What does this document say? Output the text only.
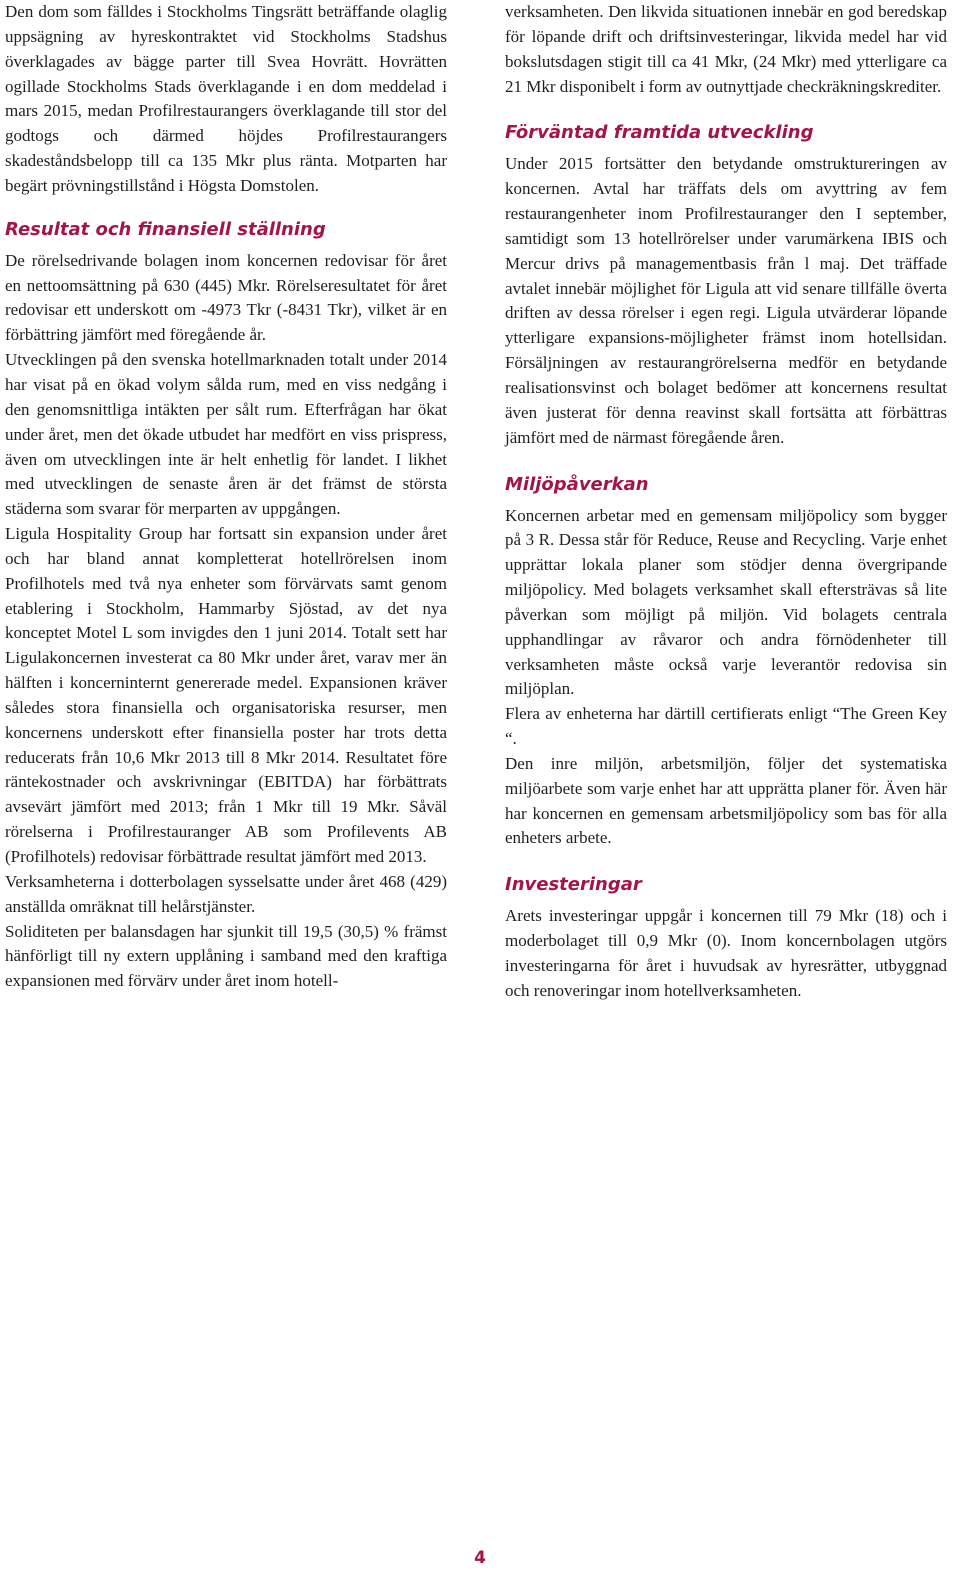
Den dom som fälldes i Stockholms Tingsrätt beträffande olaglig uppsägning av hyreskontraktet vid Stockholms Stadshus överklagades av bägge parter till Svea Hovrätt. Hovrätten ogillade Stockholms Stads överklagande i en dom meddelad i mars 2015, medan Profilrestaurangers överklagande till stor del godtogs och därmed höjdes Profilrestaurangers skadeståndsbelopp till ca 135 Mkr plus ränta. Motparten har begärt prövningstillstånd i Högsta Domstolen.

Resultat och finansiell ställning

De rörelsedrivande bolagen inom koncernen redovisar för året en nettoomsättning på 630 (445) Mkr. Rörelseresultatet för året redovisar ett underskott om -4973 Tkr (-8431 Tkr), vilket är en förbättring jämfört med föregående år.

Utvecklingen på den svenska hotellmarknaden totalt under 2014 har visat på en ökad volym sålda rum, med en viss nedgång i den genomsnittliga intäkten per sålt rum. Efterfrågan har ökat under året, men det ökade utbudet har medfört en viss prispress, även om utvecklingen inte är helt enhetlig för landet. I likhet med utvecklingen de senaste åren är det främst de största städerna som svarar för merparten av uppgången.

Ligula Hospitality Group har fortsatt sin expansion under året och har bland annat kompletterat hotellrörelsen inom Profilhotels med två nya enheter som förvärvats samt genom etablering i Stockholm, Hammarby Sjöstad, av det nya konceptet Motel L som invigdes den 1 juni 2014. Totalt sett har Ligulakoncernen investerat ca 80 Mkr under året, varav mer än hälften i koncerninternt genererade medel. Expansionen kräver således stora finansiella och organisatoriska resurser, men koncernens underskott efter finansiella poster har trots detta reducerats från 10,6 Mkr 2013 till 8 Mkr 2014. Resultatet före räntekostnader och avskrivningar (EBITDA) har förbättrats avsevärt jämfört med 2013; från 1 Mkr till 19 Mkr. Såväl rörelserna i Profilrestauranger AB som Profilevents AB (Profilhotels) redovisar förbättrade resultat jämfört med 2013.

Verksamheterna i dotterbolagen sysselsatte under året 468 (429) anställda omräknat till helårstjänster.

Soliditeten per balansdagen har sjunkit till 19,5 (30,5) % främst hänförligt till ny extern upplåning i samband med den kraftiga expansionen med förvärv under året inom hotell-

verksamheten. Den likvida situationen innebär en god beredskap för löpande drift och driftsinvesteringar, likvida medel har vid bokslutsdagen stigit till ca 41 Mkr, (24 Mkr) med ytterligare ca 21 Mkr disponibelt i form av outnyttjade checkräkningskrediter.

Förväntad framtida utveckling

Under 2015 fortsätter den betydande omstruktureringen av koncernen. Avtal har träffats dels om avyttring av fem restaurangenheter inom Profilrestauranger den I september, samtidigt som 13 hotellrörelser under varumärkena IBIS och Mercur drivs på managementbasis från l maj. Det träffade avtalet innebär möjlighet för Ligula att vid senare tillfälle överta driften av dessa rörelser i egen regi. Ligula utvärderar löpande ytterligare expansions-möjligheter främst inom hotellsidan. Försäljningen av restaurangrörelserna medför en betydande realisationsvinst och bolaget bedömer att koncernens resultat även justerat för denna reavinst skall fortsätta att förbättras jämfört med de närmast föregående åren.

Miljöpåverkan

Koncernen arbetar med en gemensam miljöpolicy som bygger på 3 R. Dessa står för Reduce, Reuse and Recycling. Varje enhet upprättar lokala planer som stödjer denna övergripande miljöpolicy. Med bolagets verksamhet skall eftersträvas så lite påverkan som möjligt på miljön. Vid bolagets centrala upphandlingar av råvaror och andra förnödenheter till verksamheten måste också varje leverantör redovisa sin miljöplan.

Flera av enheterna har därtill certifierats enligt “The Green Key “.

Den inre miljön, arbetsmiljön, följer det systematiska miljöarbete som varje enhet har att upprätta planer för. Även här har koncernen en gemensam arbetsmiljöpolicy som bas för alla enheters arbete.

Investeringar

Arets investeringar uppgår i koncernen till 79 Mkr (18) och i moderbolaget till 0,9 Mkr (0). Inom koncernbolagen utgörs investeringarna för året i huvudsak av hyresrätter, utbyggnad och renoveringar inom hotellverksamheten.

4
